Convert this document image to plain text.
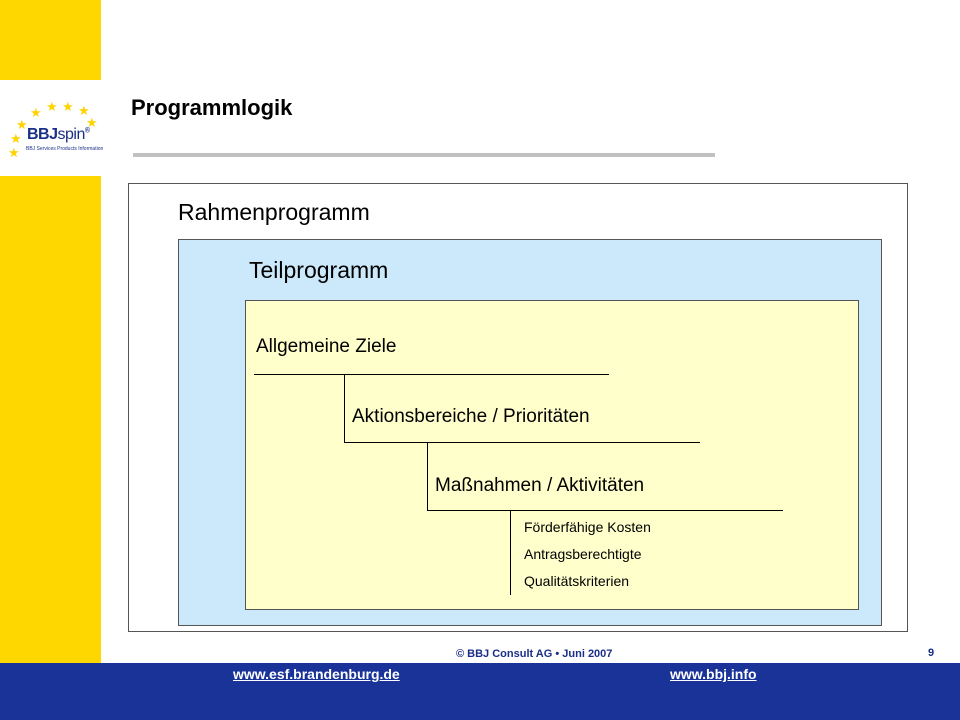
★ ★ ★ ★
★
★
★
★
BBJspin®
BBJ Services Products Information
Programmlogik
Rahmenprogramm
Teilprogramm
Allgemeine Ziele
Aktionsbereiche / Prioritäten
Maßnahmen / Aktivitäten
Förderfähige Kosten
Antragsberechtigte
Qualitätskriterien
© BBJ Consult AG • Juni 2007	9
www.esf.brandenburg.de	www.bbj.info
